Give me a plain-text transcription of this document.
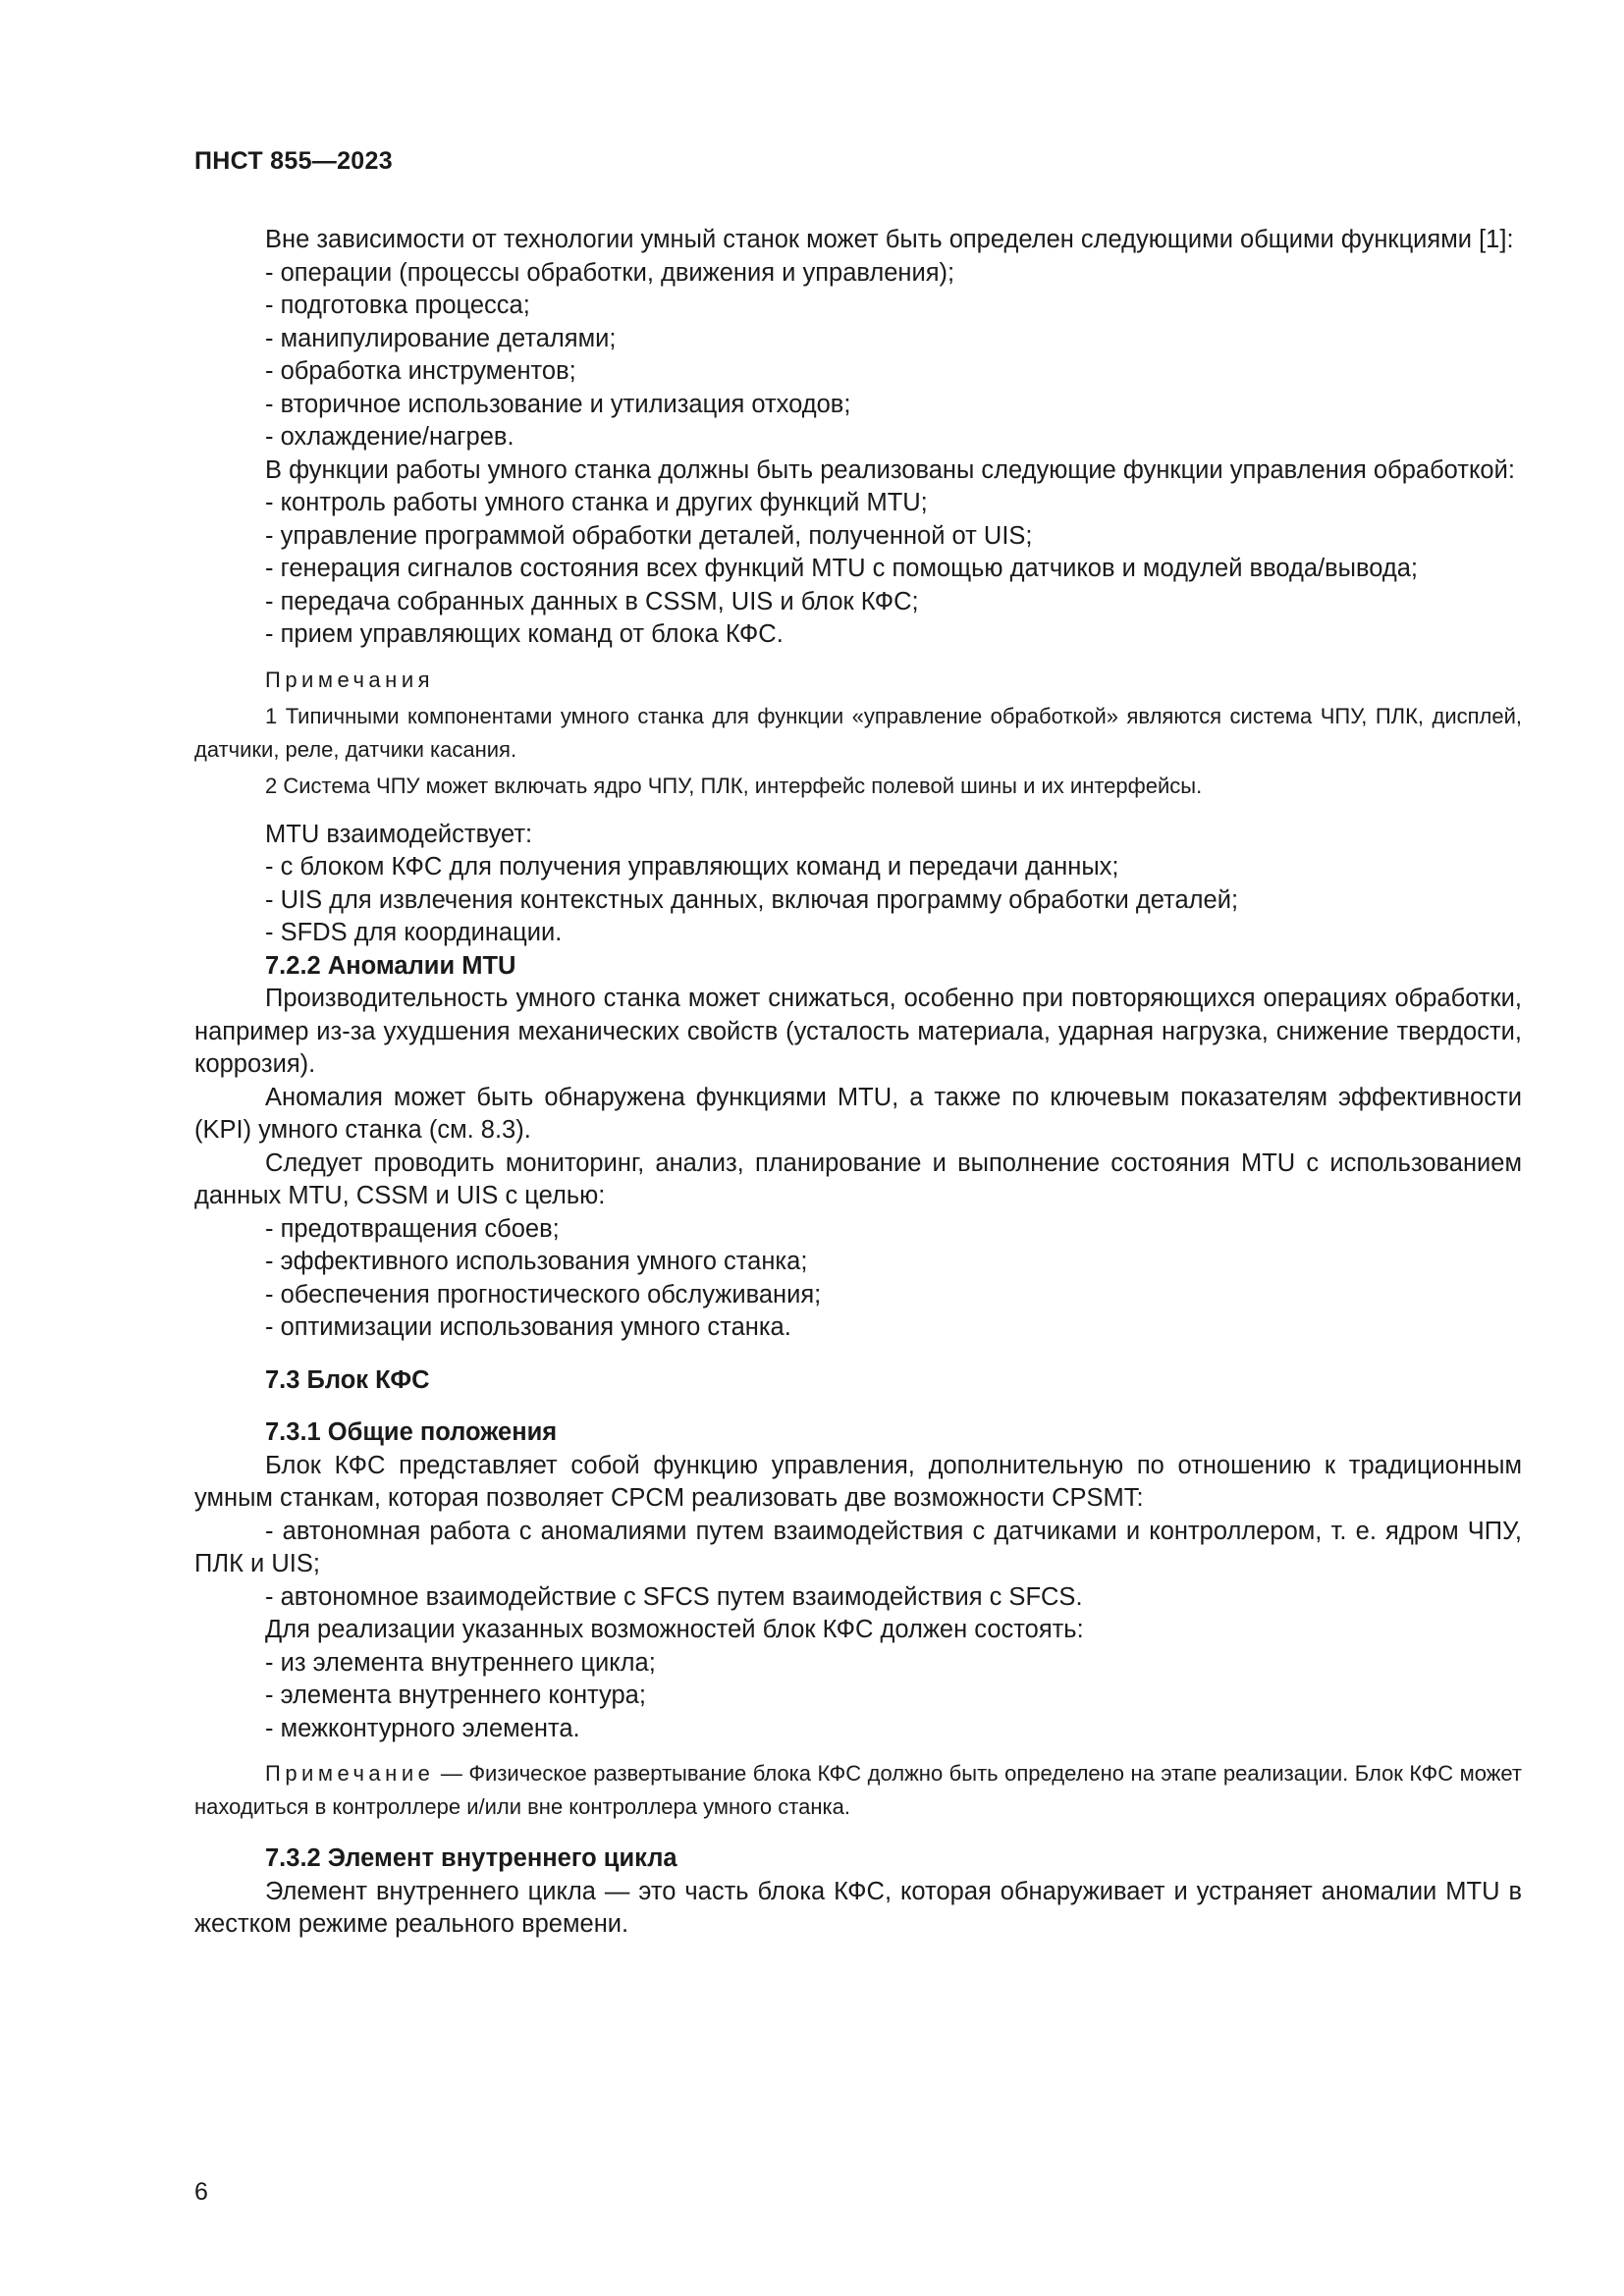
ПНСТ 855—2023

Вне зависимости от технологии умный станок может быть определен следующими общими функциями [1]:

- операции (процессы обработки, движения и управления);

- подготовка процесса;

- манипулирование деталями;

- обработка инструментов;

- вторичное использование и утилизация отходов;

- охлаждение/нагрев.

В функции работы умного станка должны быть реализованы следующие функции управления обработкой:

- контроль работы умного станка и других функций MTU;

- управление программой обработки деталей, полученной от UIS;

- генерация сигналов состояния всех функций MTU с помощью датчиков и модулей ввода/вывода;

- передача собранных данных в CSSM, UIS и блок КФС;

- прием управляющих команд от блока КФС.

Примечания

1 Типичными компонентами умного станка для функции «управление обработкой» являются система ЧПУ, ПЛК, дисплей, датчики, реле, датчики касания.

2 Система ЧПУ может включать ядро ЧПУ, ПЛК, интерфейс полевой шины и их интерфейсы.

MTU взаимодействует:

- с блоком КФС для получения управляющих команд и передачи данных;

- UIS для извлечения контекстных данных, включая программу обработки деталей;

- SFDS для координации.

7.2.2 Аномалии MTU

Производительность умного станка может снижаться, особенно при повторяющихся операциях обработки, например из-за ухудшения механических свойств (усталость материала, ударная нагрузка, снижение твердости, коррозия).

Аномалия может быть обнаружена функциями MTU, а также по ключевым показателям эффективности (KPI) умного станка (см. 8.3).

Следует проводить мониторинг, анализ, планирование и выполнение состояния MTU с использованием данных MTU, CSSM и UIS с целью:

- предотвращения сбоев;

- эффективного использования умного станка;

- обеспечения прогностического обслуживания;

- оптимизации использования умного станка.

7.3 Блок КФС

7.3.1 Общие положения

Блок КФС представляет собой функцию управления, дополнительную по отношению к традиционным умным станкам, которая позволяет CPCM реализовать две возможности CPSMT:

- автономная работа с аномалиями путем взаимодействия с датчиками и контроллером, т. е. ядром ЧПУ, ПЛК и UIS;

- автономное взаимодействие с SFCS путем взаимодействия с SFCS.

Для реализации указанных возможностей блок КФС должен состоять:

- из элемента внутреннего цикла;

- элемента внутреннего контура;

- межконтурного элемента.

Примечание — Физическое развертывание блока КФС должно быть определено на этапе реализации. Блок КФС может находиться в контроллере и/или вне контроллера умного станка.

7.3.2 Элемент внутреннего цикла

Элемент внутреннего цикла — это часть блока КФС, которая обнаруживает и устраняет аномалии MTU в жестком режиме реального времени.

6
